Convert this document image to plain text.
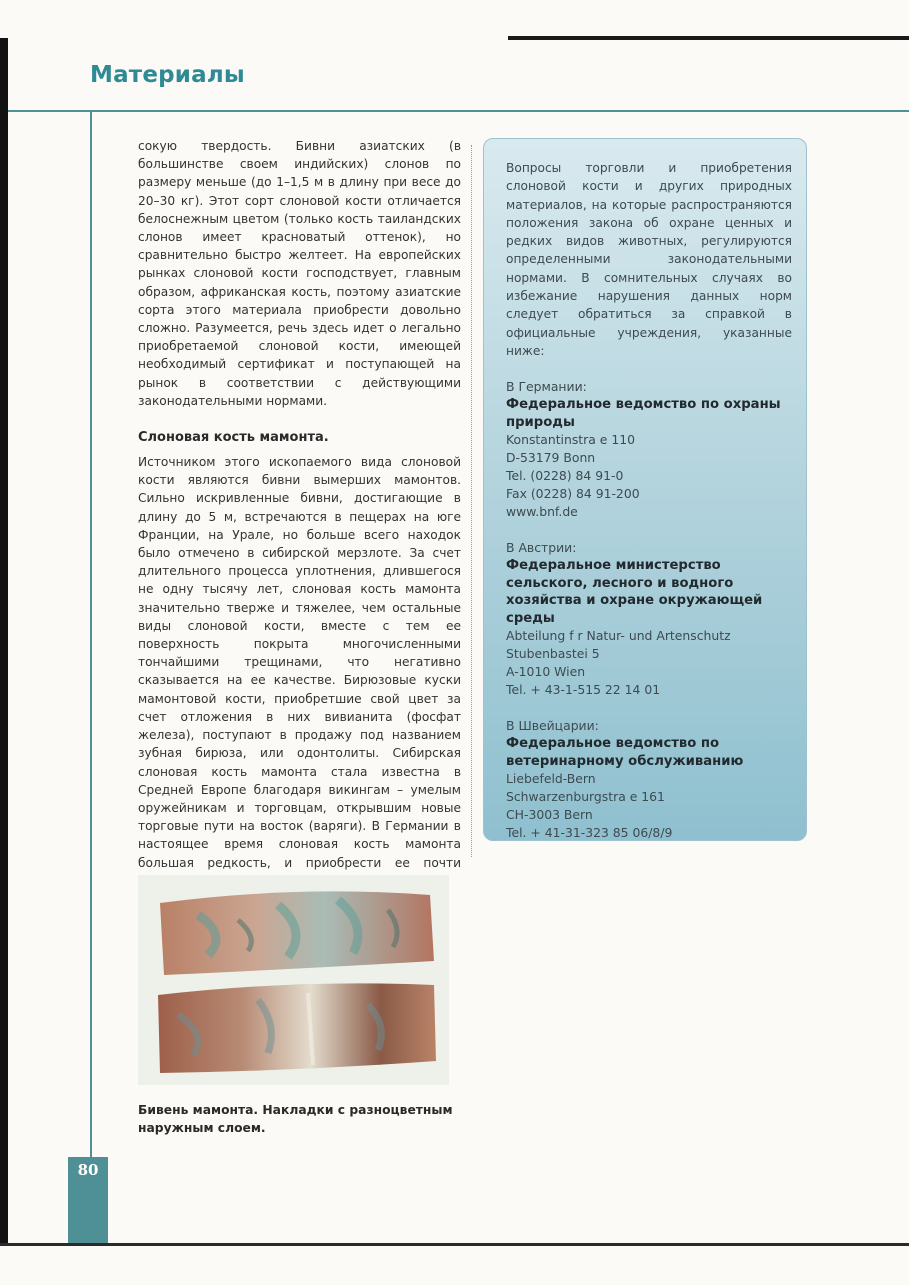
Материалы

сокую твердость. Бивни азиатских (в большинстве своем индийских) слонов по размеру меньше (до 1–1,5 м в длину при весе до 20–30 кг). Этот сорт слоновой кости отличается белоснежным цветом (только кость таиландских слонов имеет красноватый оттенок), но сравнительно быстро желтеет. На европейских рынках слоновой кости господствует, главным образом, африканская кость, поэтому азиатские сорта этого материала приобрести довольно сложно. Разумеется, речь здесь идет о легально приобретаемой слоновой кости, имеющей необходимый сертификат и поступающей на рынок в соответствии с действующими законодательными нормами.

Слоновая кость мамонта.

Источником этого ископаемого вида слоновой кости являются бивни вымерших мамонтов. Сильно искривленные бивни, достигающие в длину до 5 м, встречаются в пещерах на юге Франции, на Урале, но больше всего находок было отмечено в сибирской мерзлоте. За счет длительного процесса уплотнения, длившегося не одну тысячу лет, слоновая кость мамонта значительно тверже и тяжелее, чем остальные виды слоновой кости, вместе с тем ее поверхность покрыта многочисленными тончайшими трещинами, что негативно сказывается на ее качестве. Бирюзовые куски мамонтовой кости, приобретшие свой цвет за счет отложения в них вивианита (фосфат железа), поступают в продажу под названием зубная бирюза, или одонтолиты. Сибирская слоновая кость мамонта стала известна в Средней Европе благодаря викингам – умелым оружейникам и торговцам, открывшим новые торговые пути на восток (варяги). В Германии в настоящее время слоновая кость мамонта большая редкость, и приобрести ее почти

Вопросы торговли и приобретения слоновой кости и других природных материалов, на которые распространяются положения закона об охране ценных и редких видов животных, регулируются определенными законодательными нормами. В сомнительных случаях во избежание нарушения данных норм следует обратиться за справкой в официальные учреждения, указанные ниже:

В Германии:

Федеральное ведомство по охраны природы

Konstantinstra e 110

D-53179 Bonn

Tel. (0228) 84 91-0

Fax (0228) 84 91-200

www.bnf.de

В Австрии:

Федеральное министерство сельского, лесного и водного хозяйства и охране окружающей среды

Abteilung f r Natur- und Artenschutz

Stubenbastei 5

A-1010 Wien

Tel. + 43-1-515 22 14 01

В Швейцарии:

Федеральное ведомство по ветеринарному обслуживанию

Liebefeld-Bern

Schwarzenburgstra e 161

CH-3003 Bern

Tel. + 41-31-323 85 06/8/9

Бивень мамонта. Накладки с разноцветным наружным слоем.

80
